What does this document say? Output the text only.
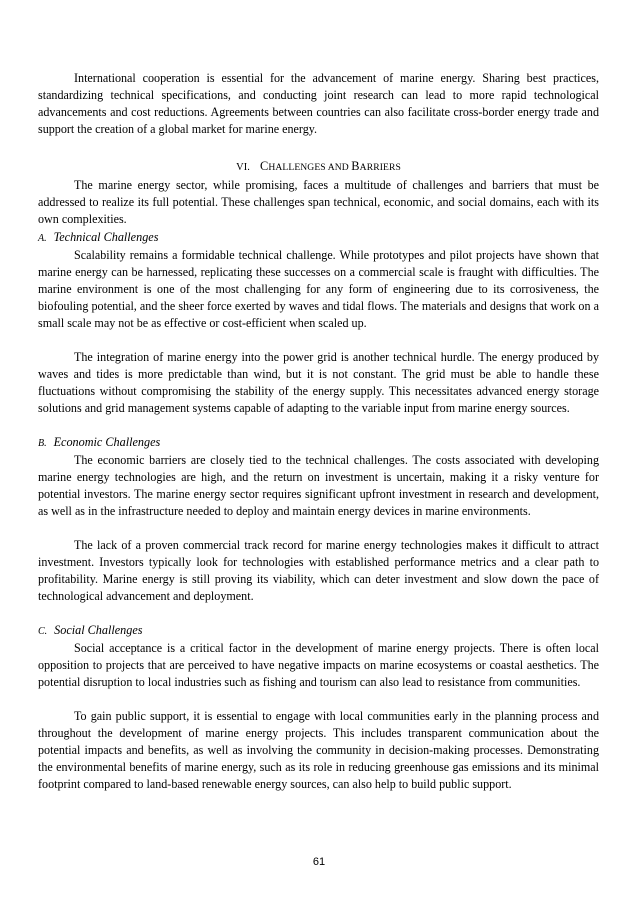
International cooperation is essential for the advancement of marine energy. Sharing best practices, standardizing technical specifications, and conducting joint research can lead to more rapid technological advancements and cost reductions. Agreements between countries can also facilitate cross-border energy trade and support the creation of a global market for marine energy.

VI. CHALLENGES AND BARRIERS

The marine energy sector, while promising, faces a multitude of challenges and barriers that must be addressed to realize its full potential. These challenges span technical, economic, and social domains, each with its own complexities.

A. Technical Challenges

Scalability remains a formidable technical challenge. While prototypes and pilot projects have shown that marine energy can be harnessed, replicating these successes on a commercial scale is fraught with difficulties. The marine environment is one of the most challenging for any form of engineering due to its corrosiveness, the biofouling potential, and the sheer force exerted by waves and tidal flows. The materials and designs that work on a small scale may not be as effective or cost-efficient when scaled up.

The integration of marine energy into the power grid is another technical hurdle. The energy produced by waves and tides is more predictable than wind, but it is not constant. The grid must be able to handle these fluctuations without compromising the stability of the energy supply. This necessitates advanced energy storage solutions and grid management systems capable of adapting to the variable input from marine energy sources.

B. Economic Challenges

The economic barriers are closely tied to the technical challenges. The costs associated with developing marine energy technologies are high, and the return on investment is uncertain, making it a risky venture for potential investors. The marine energy sector requires significant upfront investment in research and development, as well as in the infrastructure needed to deploy and maintain energy devices in marine environments.

The lack of a proven commercial track record for marine energy technologies makes it difficult to attract investment. Investors typically look for technologies with established performance metrics and a clear path to profitability. Marine energy is still proving its viability, which can deter investment and slow down the pace of technological advancement and deployment.

C. Social Challenges

Social acceptance is a critical factor in the development of marine energy projects. There is often local opposition to projects that are perceived to have negative impacts on marine ecosystems or coastal aesthetics. The potential disruption to local industries such as fishing and tourism can also lead to resistance from communities.

To gain public support, it is essential to engage with local communities early in the planning process and throughout the development of marine energy projects. This includes transparent communication about the potential impacts and benefits, as well as involving the community in decision-making processes. Demonstrating the environmental benefits of marine energy, such as its role in reducing greenhouse gas emissions and its minimal footprint compared to land-based renewable energy sources, can also help to build public support.

61
